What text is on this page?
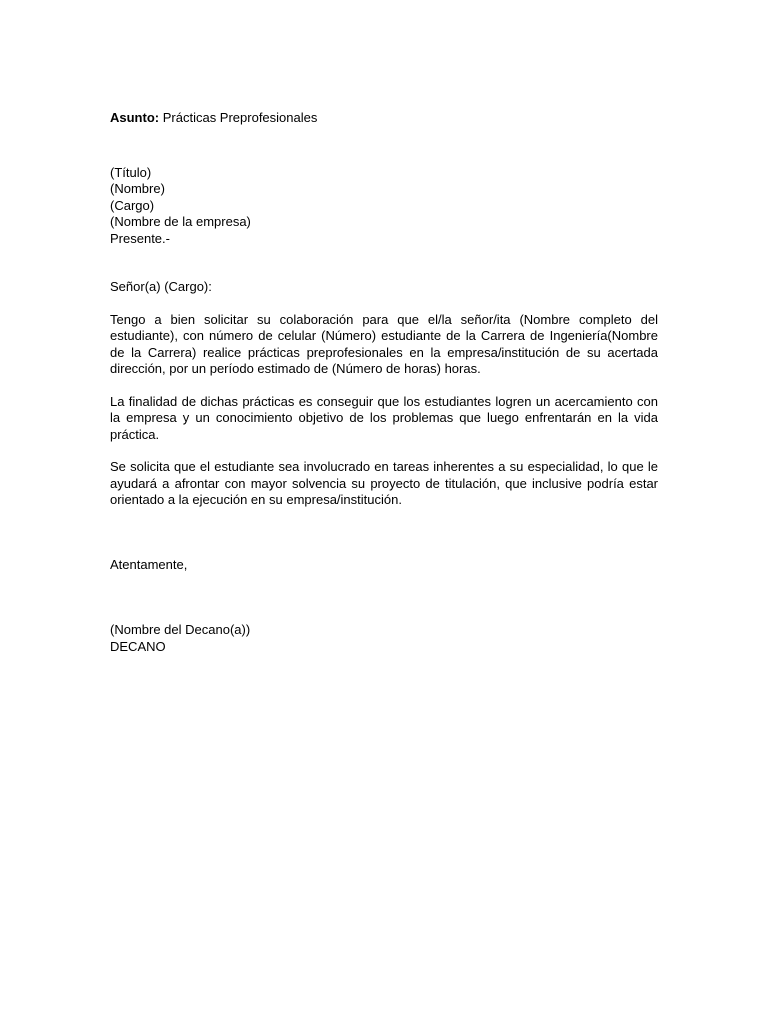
Asunto: Prácticas Preprofesionales
(Título)
(Nombre)
(Cargo)
(Nombre de la empresa)
Presente.-
Señor(a) (Cargo):
Tengo a bien solicitar su colaboración para que el/la señor/ita (Nombre completo del estudiante), con número de celular (Número) estudiante de la Carrera de Ingeniería(Nombre de la Carrera) realice prácticas preprofesionales en la empresa/institución de su acertada dirección, por un período estimado de (Número de horas) horas.
La finalidad de dichas prácticas es conseguir que los estudiantes logren un acercamiento con la empresa y un conocimiento objetivo de los problemas que luego enfrentarán en la vida práctica.
Se solicita que el estudiante sea involucrado en tareas inherentes a su especialidad, lo que le ayudará a afrontar con mayor solvencia su proyecto de titulación, que inclusive podría estar orientado a la ejecución en su empresa/institución.
Atentamente,
(Nombre del Decano(a))
DECANO
